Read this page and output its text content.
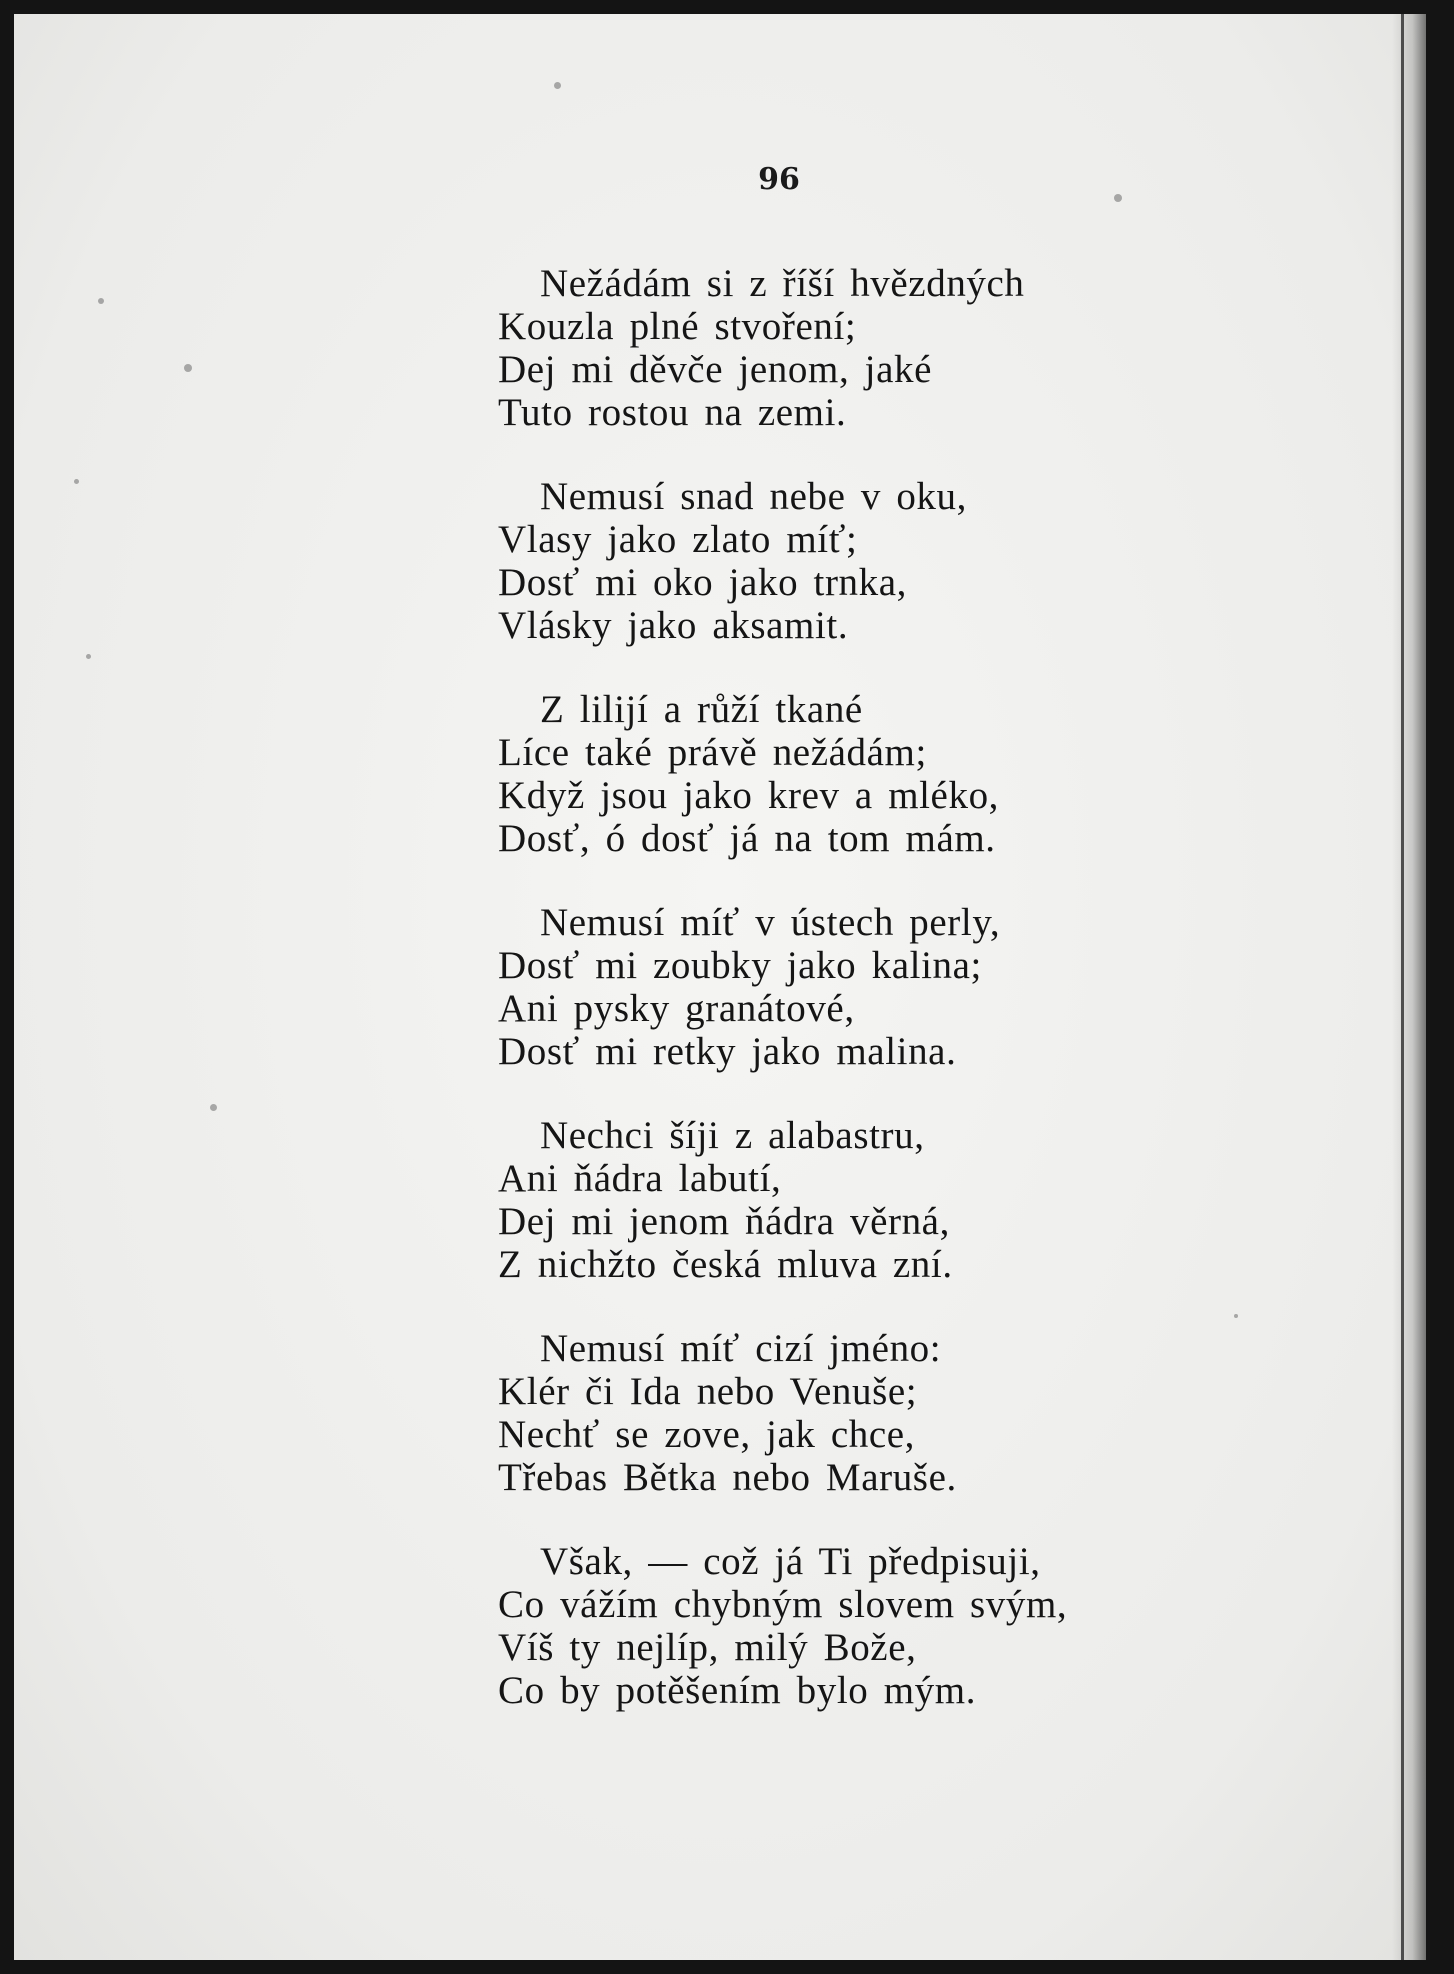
96
Nežádám si z říší hvězdných
Kouzla plné stvoření;
Dej mi děvče jenom, jaké
Tuto rostou na zemi.
Nemusí snad nebe v oku,
Vlasy jako zlato míť;
Dosť mi oko jako trnka,
Vlásky jako aksamit.
Z lilijí a růží tkané
Líce také právě nežádám;
Když jsou jako krev a mléko,
Dosť, ó dosť já na tom mám.
Nemusí míť v ústech perly,
Dosť mi zoubky jako kalina;
Ani pysky granátové,
Dosť mi retky jako malina.
Nechci šíji z alabastru,
Ani ňádra labutí,
Dej mi jenom ňádra věrná,
Z nichžto česká mluva zní.
Nemusí míť cizí jméno:
Klér či Ida nebo Venuše;
Nechť se zove, jak chce,
Třebas Bětka nebo Maruše.
Však, — což já Ti předpisuji,
Co vážím chybným slovem svým,
Víš ty nejlíp, milý Bože,
Co by potěšením bylo mým.
